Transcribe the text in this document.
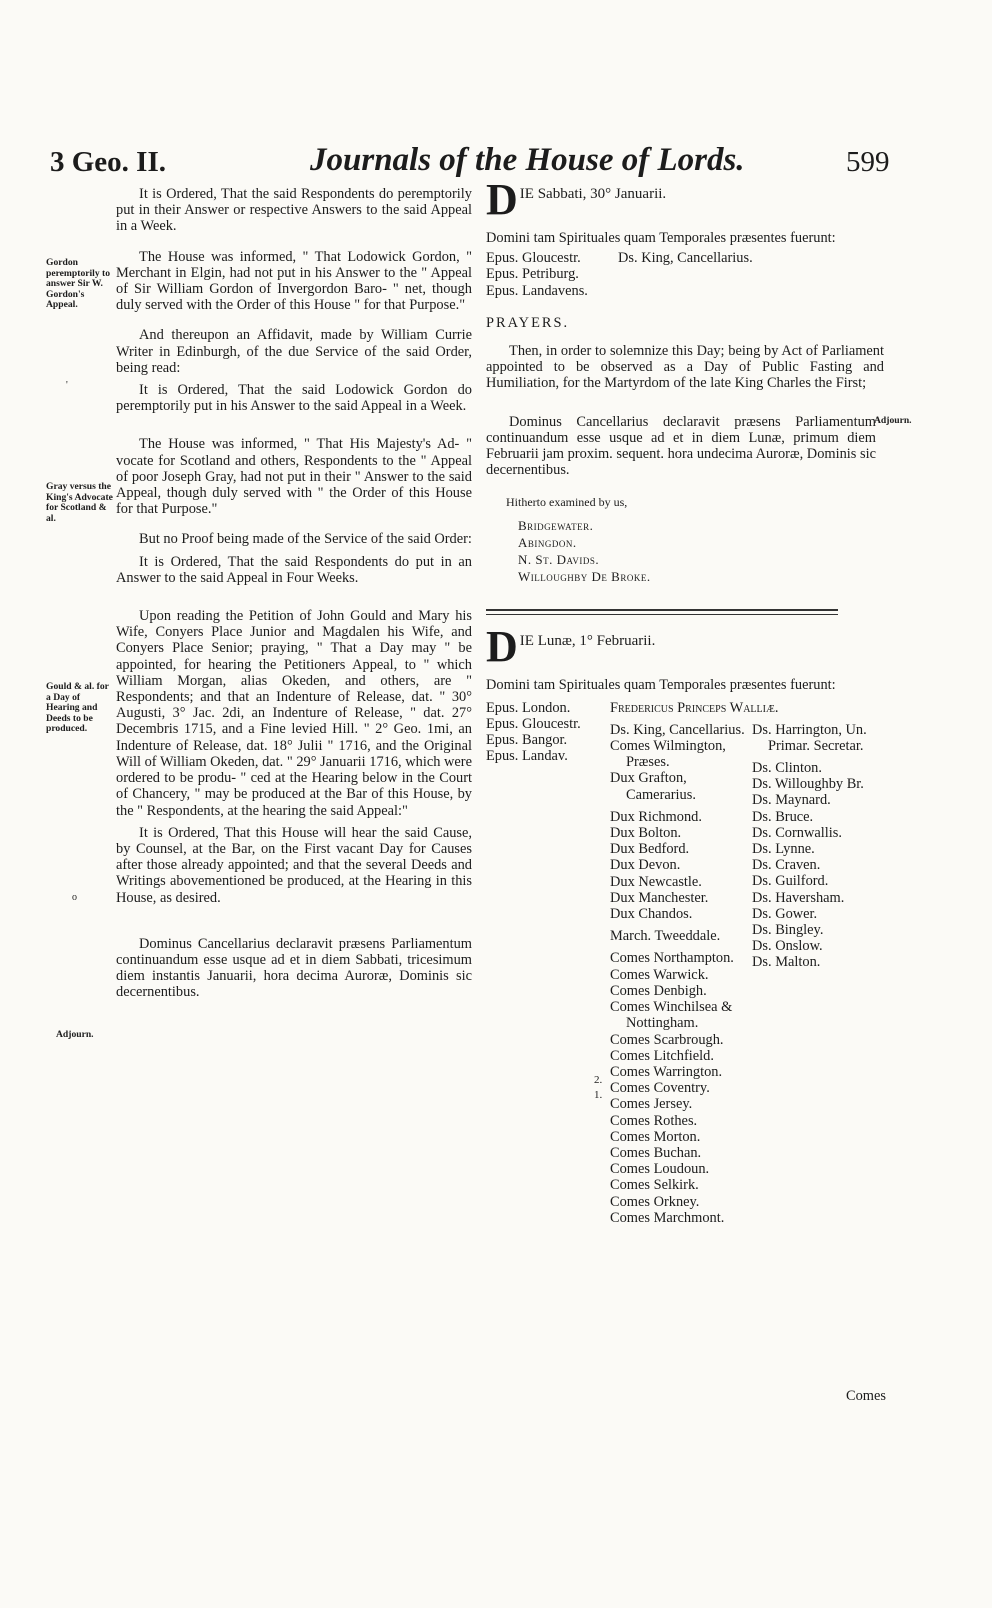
3 Geo. II.	Journals of the House of Lords.	599
Gordon peremptorily to answer Sir W. Gordon's Appeal.
Gray versus the King's Advocate for Scotland & al.
Gould & al. for a Day of Hearing and Deeds to be produced.
Adjourn.
'
o

It is Ordered, That the said Respondents do peremptorily put in their Answer or respective Answers to the said Appeal in a Week.

The House was informed, " That Lodowick Gordon, " Merchant in Elgin, had not put in his Answer to the " Appeal of Sir William Gordon of Invergordon Baro- " net, though duly served with the Order of this House " for that Purpose."

And thereupon an Affidavit, made by William Currie Writer in Edinburgh, of the due Service of the said Order, being read:

It is Ordered, That the said Lodowick Gordon do peremptorily put in his Answer to the said Appeal in a Week.

The House was informed, " That His Majesty's Ad- " vocate for Scotland and others, Respondents to the " Appeal of poor Joseph Gray, had not put in their " Answer to the said Appeal, though duly served with " the Order of this House for that Purpose."

But no Proof being made of the Service of the said Order:

It is Ordered, That the said Respondents do put in an Answer to the said Appeal in Four Weeks.

Upon reading the Petition of John Gould and Mary his Wife, Conyers Place Junior and Magdalen his Wife, and Conyers Place Senior; praying, " That a Day may " be appointed, for hearing the Petitioners Appeal, to " which William Morgan, alias Okeden, and others, are " Respondents; and that an Indenture of Release, dat. " 30° Augusti, 3° Jac. 2di, an Indenture of Release, " dat. 27° Decembris 1715, and a Fine levied Hill. " 2° Geo. 1mi, an Indenture of Release, dat. 18° Julii " 1716, and the Original Will of William Okeden, dat. " 29° Januarii 1716, which were ordered to be produ- " ced at the Hearing below in the Court of Chancery, " may be produced at the Bar of this House, by the " Respondents, at the hearing the said Appeal:"

It is Ordered, That this House will hear the said Cause, by Counsel, at the Bar, on the First vacant Day for Causes after those already appointed; and that the several Deeds and Writings abovementioned be produced, at the Hearing in this House, as desired.

Dominus Cancellarius declaravit præsens Parliamentum continuandum esse usque ad et in diem Sabbati, tricesimum diem instantis Januarii, hora decima Auroræ, Dominis sic decernentibus.

D IE Sabbati, 30° Januarii.

Domini tam Spirituales quam Temporales præsentes fuerunt:

Epus. Gloucestr.
Epus. Petriburg.
Epus. Landavens.
Ds. King, Cancellarius.

PRAYERS.

Then, in order to solemnize this Day; being by Act of Parliament appointed to be observed as a Day of Public Fasting and Humiliation, for the Martyrdom of the late King Charles the First;

Dominus Cancellarius declaravit præsens Parliamentum continuandum esse usque ad et in diem Lunæ, primum diem Februarii jam proxim. sequent. hora undecima Auroræ, Dominis sic decernentibus.

Adjourn.
Hitherto examined by us,
Bridgewater.
Abingdon.
N. St. Davids.
Willoughby De Broke.
D IE Lunæ, 1° Februarii.

Domini tam Spirituales quam Temporales præsentes fuerunt:

Epus. London.
Epus. Gloucestr.
Epus. Bangor.
Epus. Landav.
Fredericus Princeps Walliæ.
Ds. King, Cancellarius.
Comes Wilmington, Præses.
Dux Grafton, Camerarius.
Dux Richmond.
Dux Bolton.
Dux Bedford.
Dux Devon.
Dux Newcastle.
Dux Manchester.
Dux Chandos.
March. Tweeddale.
Comes Northampton.
Comes Warwick.
Comes Denbigh.
Comes Winchilsea & Nottingham.
Comes Scarbrough.
Comes Litchfield.
Comes Warrington.
Comes Coventry.
Comes Jersey.
Comes Rothes.
Comes Morton.
Comes Buchan.
Comes Loudoun.
Comes Selkirk.
Comes Orkney.
Comes Marchmont.
2.
1.
Ds. Harrington, Un. Primar. Secretar.
Ds. Clinton.
Ds. Willoughby Br.
Ds. Maynard.
Ds. Bruce.
Ds. Cornwallis.
Ds. Lynne.
Ds. Craven.
Ds. Guilford.
Ds. Haversham.
Ds. Gower.
Ds. Bingley.
Ds. Onslow.
Ds. Malton.
Comes
